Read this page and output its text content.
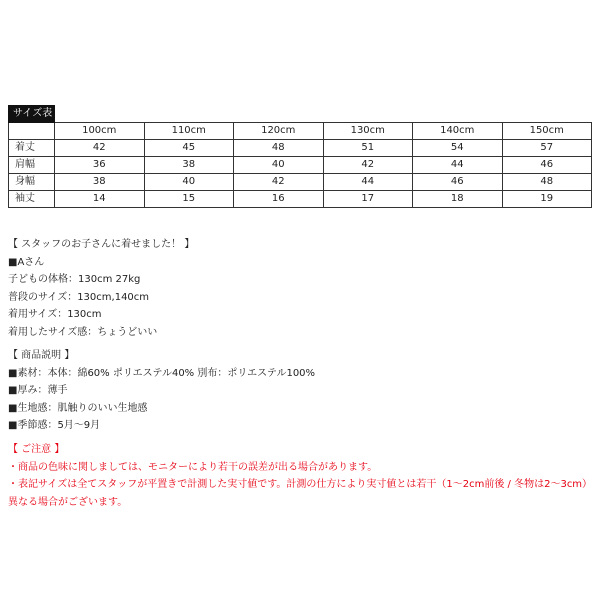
サイズ表						
	100cm	110cm	120cm	130cm	140cm	150cm
着丈	42	45	48	51	54	57
肩幅	36	38	40	42	44	46
身幅	38	40	42	44	46	48
袖丈	14	15	16	17	18	19
【 スタッフのお子さんに着せました！ 】
■Aさん
子どもの体格：130cm 27kg
普段のサイズ：130cm,140cm
着用サイズ：130cm
着用したサイズ感：ちょうどいい
【 商品説明 】
■素材：本体：綿60% ポリエステル40% 別布：ポリエステル100%
■厚み：薄手
■生地感：肌触りのいい生地感
■季節感：5月～9月
【 ご注意 】
・商品の色味に関しましては、モニターにより若干の誤差が出る場合があります。
・表記サイズは全てスタッフが平置きで計測した実寸値です。計測の仕方により実寸値とは若干（1～2cm前後 / 冬物は2～3cm）異なる場合がございます。
